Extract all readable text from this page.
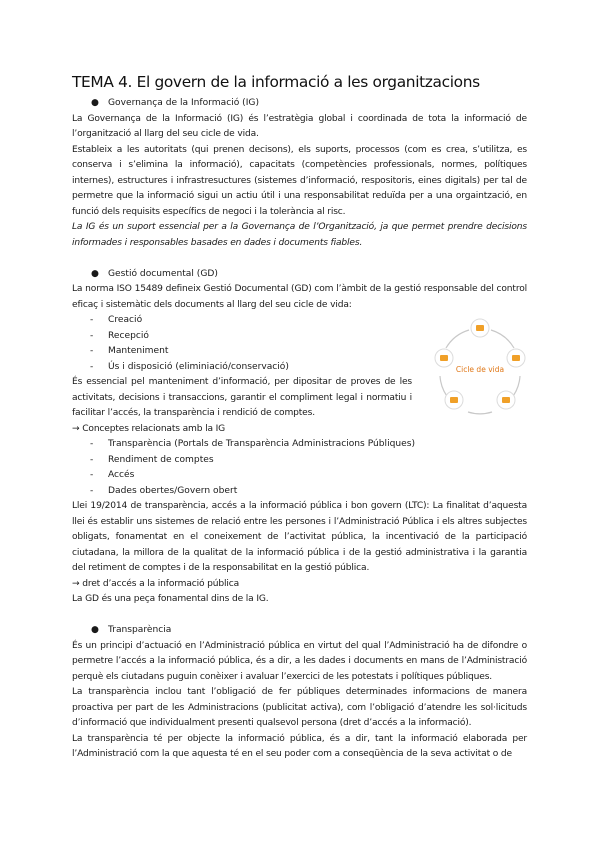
TEMA 4. El govern de la informació a les organitzacions
● Governança de la Informació (IG)

La Governança de la Informació (IG) és l’estratègia global i coordinada de tota la informació de l’organització al llarg del seu cicle de vida.

Estableix a les autoritats (qui prenen decisons), els suports, processos (com es crea, s’utilitza, es conserva i s’elimina la informació), capacitats (competències professionals, normes, polítiques internes), estructures i infrastresuctures (sistemes d’informació, respositoris, eines digitals) per tal de permetre que la informació sigui un actiu útil i una responsabilitat reduïda per a una orgaintzació, en funció dels requisits específics de negoci i la tolerància al risc.

La IG és un suport essencial per a la Governança de l’Organització, ja que permet prendre decisions informades i responsables basades en dades i documents fiables.

● Gestió documental (GD)

La norma ISO 15489 defineix Gestió Documental (GD) com l’àmbit de la gestió responsable del control eficaç i sistemàtic dels documents al llarg del seu cicle de vida:

- Creació
- Recepció
- Manteniment
- Ús i disposició (eliminiació/conservació)

És essencial pel manteniment d’informació, per dipositar de proves de les activitats, decisions i transaccions, garantir el compliment legal i normatiu i facilitar l’accés, la transparència i rendició de comptes.

→ Conceptes relacionats amb la IG

- Transparència (Portals de Transparència Administracions Públiques)
- Rendiment de comptes
- Accés
- Dades obertes/Govern obert

Llei 19/2014 de transparència, accés a la informació pública i bon govern (LTC): La finalitat d’aquesta llei és establir uns sistemes de relació entre les persones i l’Administració Pública i els altres subjectes obligats, fonamentat en el coneixement de l’activitat pública, la incentivació de la participació ciutadana, la millora de la qualitat de la informació pública i de la gestió administrativa i la garantia del retiment de comptes i de la responsabilitat en la gestió pública.

→ dret d’accés a la informació pública

La GD és una peça fonamental dins de la IG.

● Transparència

És un principi d’actuació en l’Administració pública en virtut del qual l’Administració ha de difondre o permetre l’accés a la informació pública, és a dir, a les dades i documents en mans de l’Administració perquè els ciutadans puguin conèixer i avaluar l’exercici de les potestats i polítiques públiques.

La transparència inclou tant l’obligació de fer públiques determinades informacions de manera proactiva per part de les Administracions (publicitat activa), com l’obligació d’atendre les sol·licituds d’informació que individualment presenti qualsevol persona (dret d’accés a la informació).

La transparència té per objecte la informació pública, és a dir, tant la informació elaborada per l’Administració com la que aquesta té en el seu poder com a conseqüència de la seva activitat o de

Cicle de vida
